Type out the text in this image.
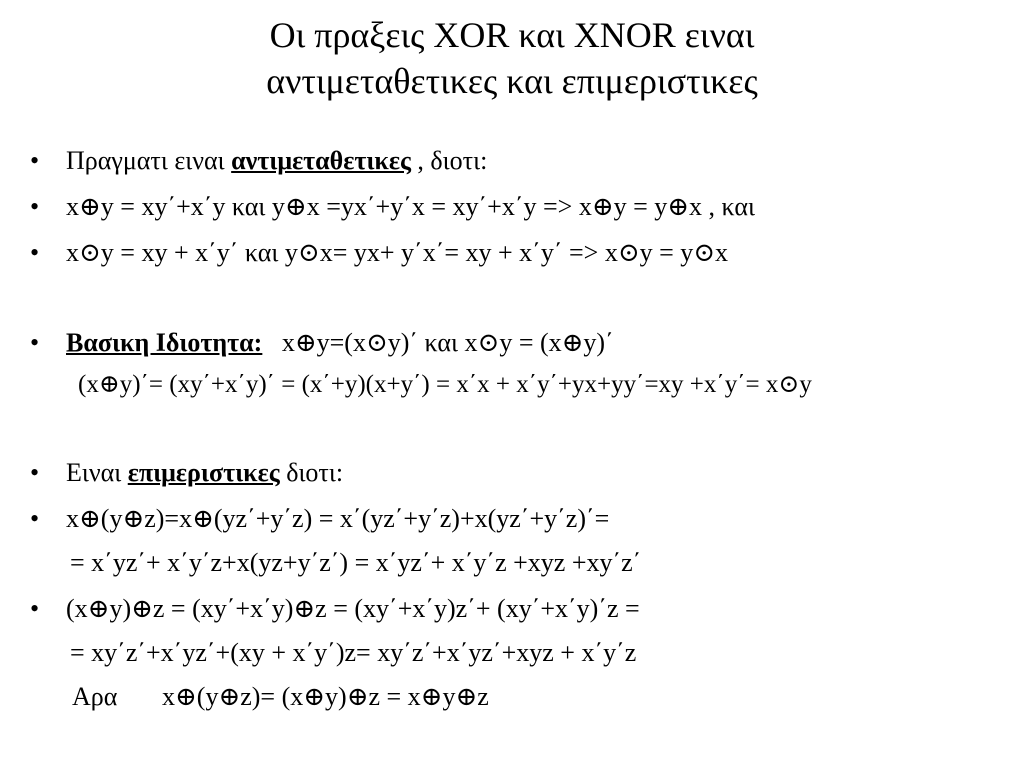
Οι πραξεις XOR και XNOR ειναι
αντιμεταθετικες και επιμεριστικες
• Πραγματι ειναι αντιμεταθετικες , διοτι:
• x⊕y = xy΄+x΄y και y⊕x =yx΄+y΄x = xy΄+x΄y => x⊕y = y⊕x , και
• x⊙y = xy + x΄y΄ και y⊙x= yx+ y΄x΄= xy + x΄y΄ => x⊙y = y⊙x
• Βασικη Ιδιοτητα:   x⊕y=(x⊙y)΄ και x⊙y = (x⊕y)΄
(x⊕y)΄= (xy΄+x΄y)΄ = (x΄+y)(x+y΄) = x΄x + x΄y΄+yx+yy΄=xy +x΄y΄= x⊙y
• Ειναι επιμεριστικες διοτι:
• x⊕(y⊕z)=x⊕(yz΄+y΄z) = x΄(yz΄+y΄z)+x(yz΄+y΄z)΄=
= x΄yz΄+ x΄y΄z+x(yz+y΄z΄) = x΄yz΄+ x΄y΄z +xyz +xy΄z΄
• (x⊕y)⊕z = (xy΄+x΄y)⊕z = (xy΄+x΄y)z΄+ (xy΄+x΄y)΄z =
= xy΄z΄+x΄yz΄+(xy + x΄y΄)z= xy΄z΄+x΄yz΄+xyz + x΄y΄z
Αρα x⊕(y⊕z)= (x⊕y)⊕z = x⊕y⊕z
